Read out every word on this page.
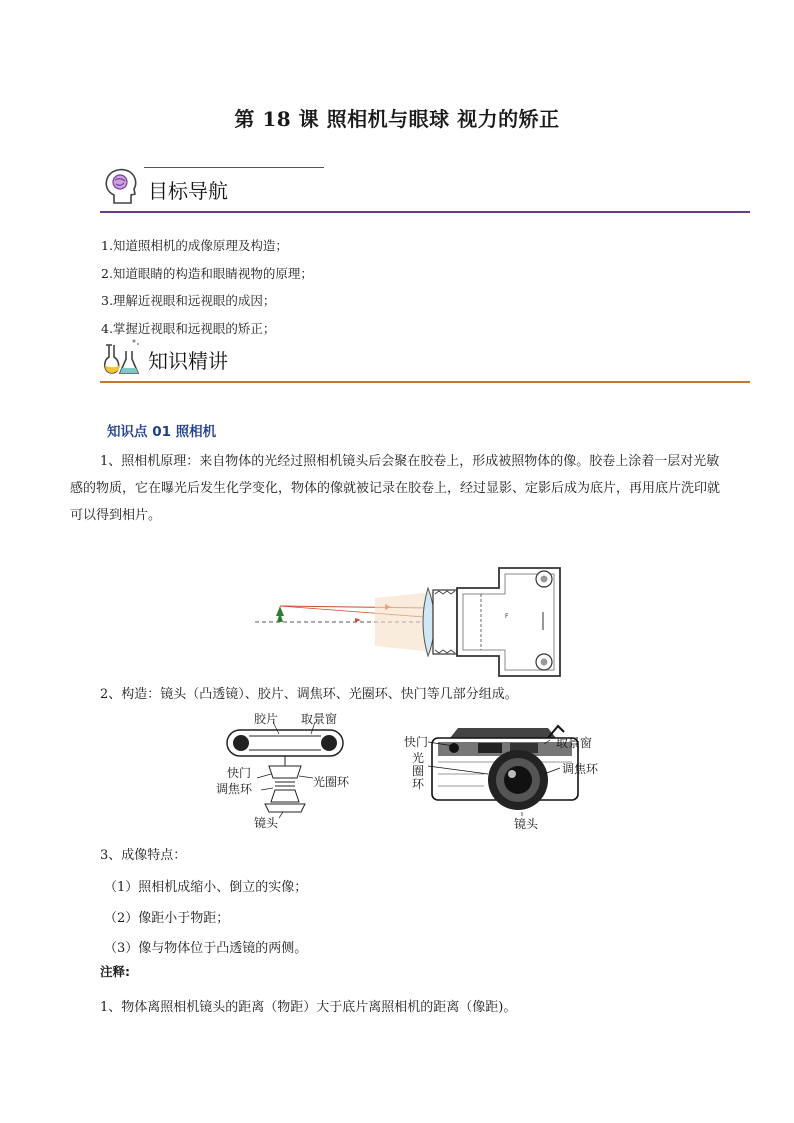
第 18 课 照相机与眼球 视力的矫正
目标导航
1.知道照相机的成像原理及构造；
2.知道眼睛的构造和眼睛视物的原理；
3.理解近视眼和远视眼的成因；
4.掌握近视眼和远视眼的矫正；
知识精讲
知识点 01 照相机
1、照相机原理：来自物体的光经过照相机镜头后会聚在胶卷上，形成被照物体的像。胶卷上涂着一层对光敏感的物质，它在曝光后发生化学变化，物体的像就被记录在胶卷上，经过显影、定影后成为底片，再用底片洗印就可以得到相片。
F
2、构造：镜头（凸透镜）、胶片、调焦环、光圈环、快门等几部分组成。
胶片 取景窗
快门
光圈环
调焦环
镜头
快门
光
圈
环
取景窗
调焦环
镜头
3、成像特点：
（1）照相机成缩小、倒立的实像；
（2）像距小于物距；
（3）像与物体位于凸透镜的两侧。
注释:
1、物体离照相机镜头的距离（物距）大于底片离照相机的距离（像距)。
